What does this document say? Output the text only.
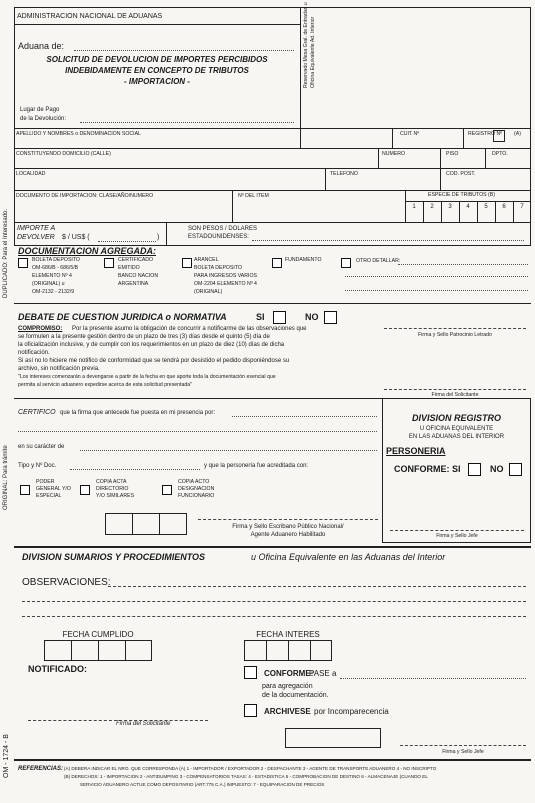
DUPLICADO: Para el Interesado.
ORIGINAL: Para trámite
OM - 1724 - B
ADMINISTRACION NACIONAL DE ADUANAS
Aduana de:
SOLICITUD DE DEVOLUCION DE IMPORTES PERCIBIDOS
INDEBIDAMENTE EN CONCEPTO DE TRIBUTOS
- IMPORTACION -
Lugar de Pago
de la Devolución:
Reservado Mesa Gral. de Entradas u Oficina Equivalente Ad. Interior
APELLIDO Y NOMBRES o DENOMINACION SOCIAL	CUIT Nº	REGISTRO Nº (A)
CONSTITUYENDO DOMICILIO (CALLE)	NUMERO	PISO	DPTO.
LOCALIDAD	TELEFONO	COD. POST.
DOCUMENTO DE IMPORTACION: CLASE/AÑO/NUMERO	Nº DEL ITEM	ESPECIE DE TRIBUTOS (B)
1	2	3	4	5	6	7
IMPORTE A
DEVOLVER $ / US$ (	)
SON PESOS / DOLARES
ESTADOUNIDENSES:
DOCUMENTACION AGREGADA:
BOLETA DEPOSITO
OM-686/B - 686/5/B
ELEMENTO Nº 4
(ORIGINAL) u
OM-2132 - 2132/9
CERTIFICADO
EMITIDO
BANCO NACION
ARGENTINA
ARANCEL
BOLETA DEPOSITO
PARA INGRESOS VARIOS
OM-2204 ELEMENTO Nº 4
(ORIGINAL)
FUNDAMENTO	OTRO DETALLAR:
DEBATE DE CUESTION JURIDICA o NORMATIVA	SI	NO
COMPROMISO: Por la presente asumo la obligación de concurrir a notificarme de las observaciones que
se formulen a la presente gestión dentro de un plazo de tres (3) días desde el quinto (5) día de
la oficialización inclusive, y de cumplir con los requerimientos en un plazo de diez (10) días de dicha
notificación.
Si así no lo hiciere me notifico de conformidad que se tendrá por desistido el pedido disponiéndose su
archivo, sin notificación previa.
"Los intereses comenzarán a devengarse a partir de la fecha en que aporte toda la documentación esencial que
permita al servicio aduanero expedirse acerca de esta solicitud presentada"
Firma y Sello Patrocinio Letrado
Firma del Solicitante
CERTIFICO que la firma que antecede fue puesta en mi presencia por:
en su carácter de
Tipo y Nº Doc.	y que la personería fue acreditada con:
PODER
GENERAL Y/O
ESPECIAL
COPIA ACTA
DIRECTORIO
Y/O SIMILARES
COPIA ACTO
DESIGNACION
FUNCIONARIO
Firma y Sello Escribano Público Nacional/
Agente Aduanero Habilitado
DIVISION REGISTRO
U OFICINA EQUIVALENTE
EN LAS ADUANAS DEL INTERIOR
PERSONERIA
CONFORME: SI	NO
Firma y Sello Jefe
DIVISION SUMARIOS Y PROCEDIMIENTOS	u Oficina Equivalente en las Aduanas del Interior
OBSERVACIONES:
FECHA CUMPLIDO	FECHA INTERES
NOTIFICADO:	CONFORME:
PASE a
para agregación
de la documentación.
ARCHIVESE por Incomparecencia
Firma del Solicitante
Firma y Sello Jefe
REFERENCIAS: (A) DEBERA INDICAR EL NRO. QUE CORRESPONDA (A) 1 - IMPORTADOR / EXPORTADOR 2 - DESPACHANTE 3 - AGENTE DE TRANSPORTE ADUANERO 4 - NO INSCRIPTO
(B) DERECHOS: 1 - IMPORTACION 2 - ANTIDUMPING 3 - COMPENSATORIOS TASAS: 4 - ESTADISTICA 5 - COMPROBACION DE DESTINO 6 - ALMACENAJE (CUANDO EL
SERVICIO ADUANERO ACTUE COMO DEPOSITARIO (ART.775 C.A.) IMPUESTO: 7 - EQUIPARACION DE PRECIOS
